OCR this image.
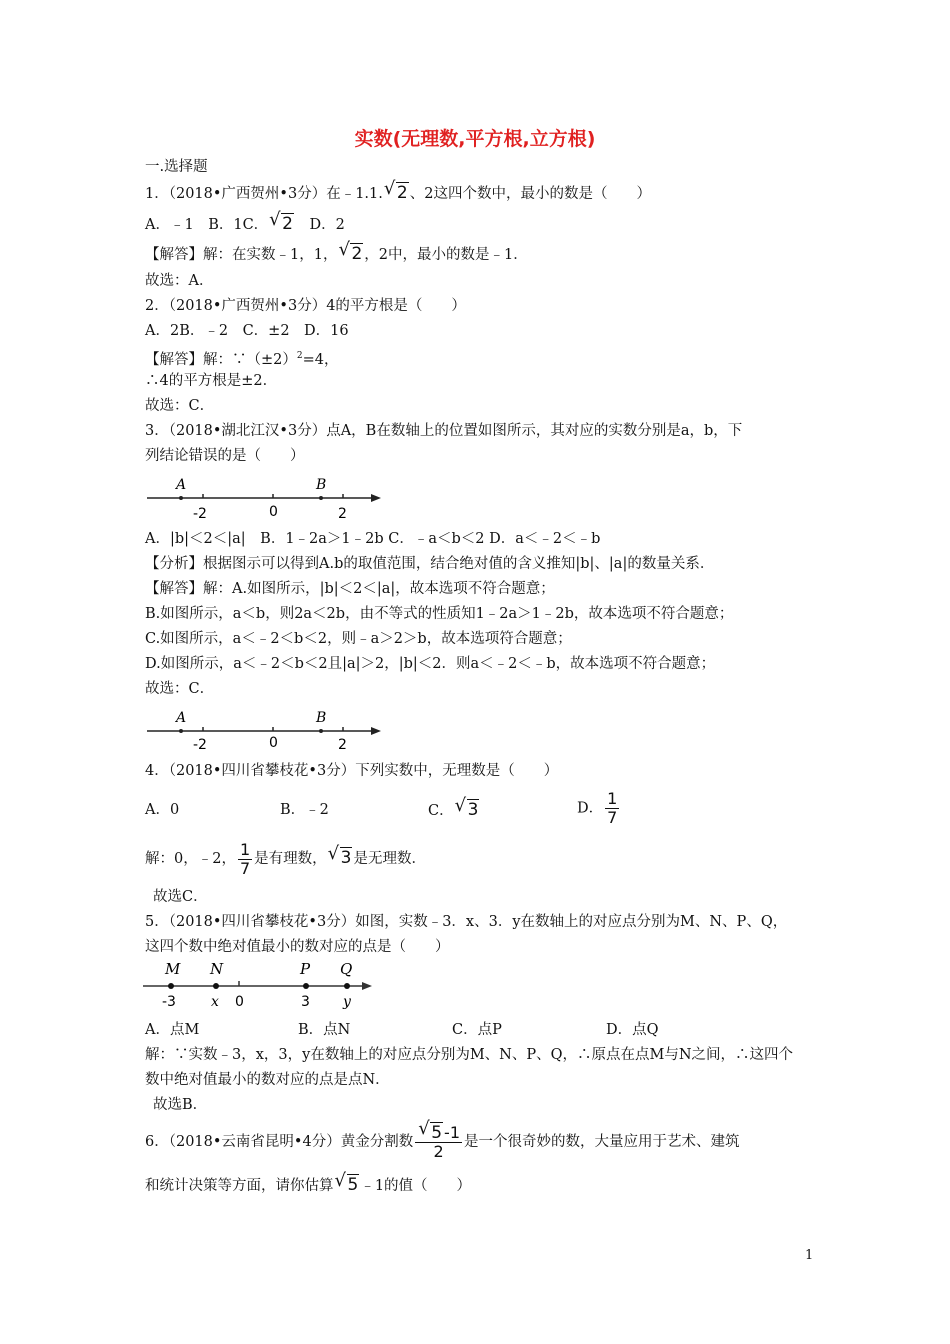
实数(无理数,平方根,立方根)
一.选择题
1．（2018•广西贺州•3分）在﹣1.1. √ 2 、2这四个数中，最小的数是（　　）
A．﹣1　B．1C． √ 2　D．2
【解答】解：在实数﹣1，1， √ 2 ，2中，最小的数是﹣1．
故选：A．
2．（2018•广西贺州•3分）4的平方根是（　　）
A．2B．﹣2　C．±2　D．16
【解答】解：$\because(\pm 2)^2=4$，
∴4的平方根是±2．
故选：C．
3．（2018•湖北江汉•3分）点A，B在数轴上的位置如图所示，其对应的实数分别是a，b，下
列结论错误的是（　　）
A	B
-2	0	2
A．|b|＜2＜|a|　B．1﹣2a＞1﹣2b C．﹣a＜b＜2 D．a＜﹣2＜﹣b
【分析】根据图示可以得到A.b的取值范围，结合绝对值的含义推知|b|、|a|的数量关系．
【解答】解：A.如图所示，|b|＜2＜|a|，故本选项不符合题意；
B.如图所示，a＜b，则2a＜2b，由不等式的性质知1﹣2a＞1﹣2b，故本选项不符合题意；
C.如图所示，a＜﹣2＜b＜2，则﹣a＞2＞b，故本选项符合题意；
D.如图所示，a＜﹣2＜b＜2且|a|＞2，|b|＜2．则a＜﹣2＜﹣b，故本选项不符合题意；
故选：C．
A	B
-2	0	2
4．（2018•四川省攀枝花•3分）下列实数中，无理数是（　　）
A．0	B．﹣2	C． √ 3	D． $\frac{1}{7}$
解：0，﹣2， $\frac{1}{7}$ 是有理数， √ 3 是无理数．
故选C．
5．（2018•四川省攀枝花•3分）如图，实数﹣3．x、3．y在数轴上的对应点分别为M、N、P、Q，
这四个数中绝对值最小的数对应的点是（　　）
M N	P Q
-3	x 0	3 y
A．点M	B．点N	C．点P	D．点Q
解：∵实数﹣3，x，3，y在数轴上的对应点分别为M、N、P、Q，∴原点在点M与N之间，∴这四个
数中绝对值最小的数对应的点是点N．
故选B．
6．（2018•云南省昆明•4分）黄金分割数 $\frac{√ 5 -1}{2}$ 是一个很奇妙的数，大量应用于艺术、建筑
和统计决策等方面，请你估算 √ 5 ﹣1的值（　　）
1
